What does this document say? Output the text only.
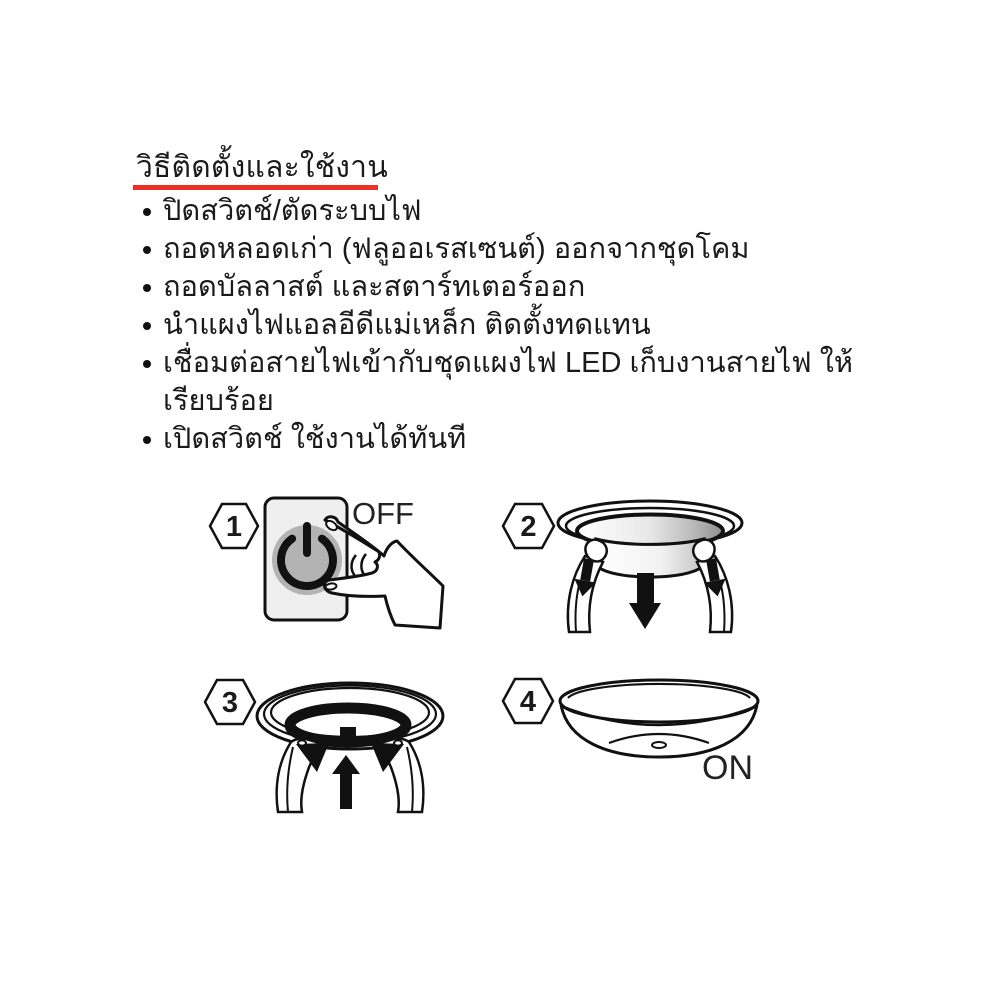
วิธีติดตั้งและใช้งาน
ปิดสวิตช์/ตัดระบบไฟ
ถอดหลอดเก่า (ฟลูออเรสเซนต์) ออกจากชุดโคม
ถอดบัลลาสต์ และสตาร์ทเตอร์ออก
นำแผงไฟแอลอีดีแม่เหล็ก ติดตั้งทดแทน
เชื่อมต่อสายไฟเข้ากับชุดแผงไฟ LED เก็บงานสายไฟ ให้เรียบร้อย
เปิดสวิตช์ ใช้งานได้ทันที
1	OFF	2
3	4
ON
